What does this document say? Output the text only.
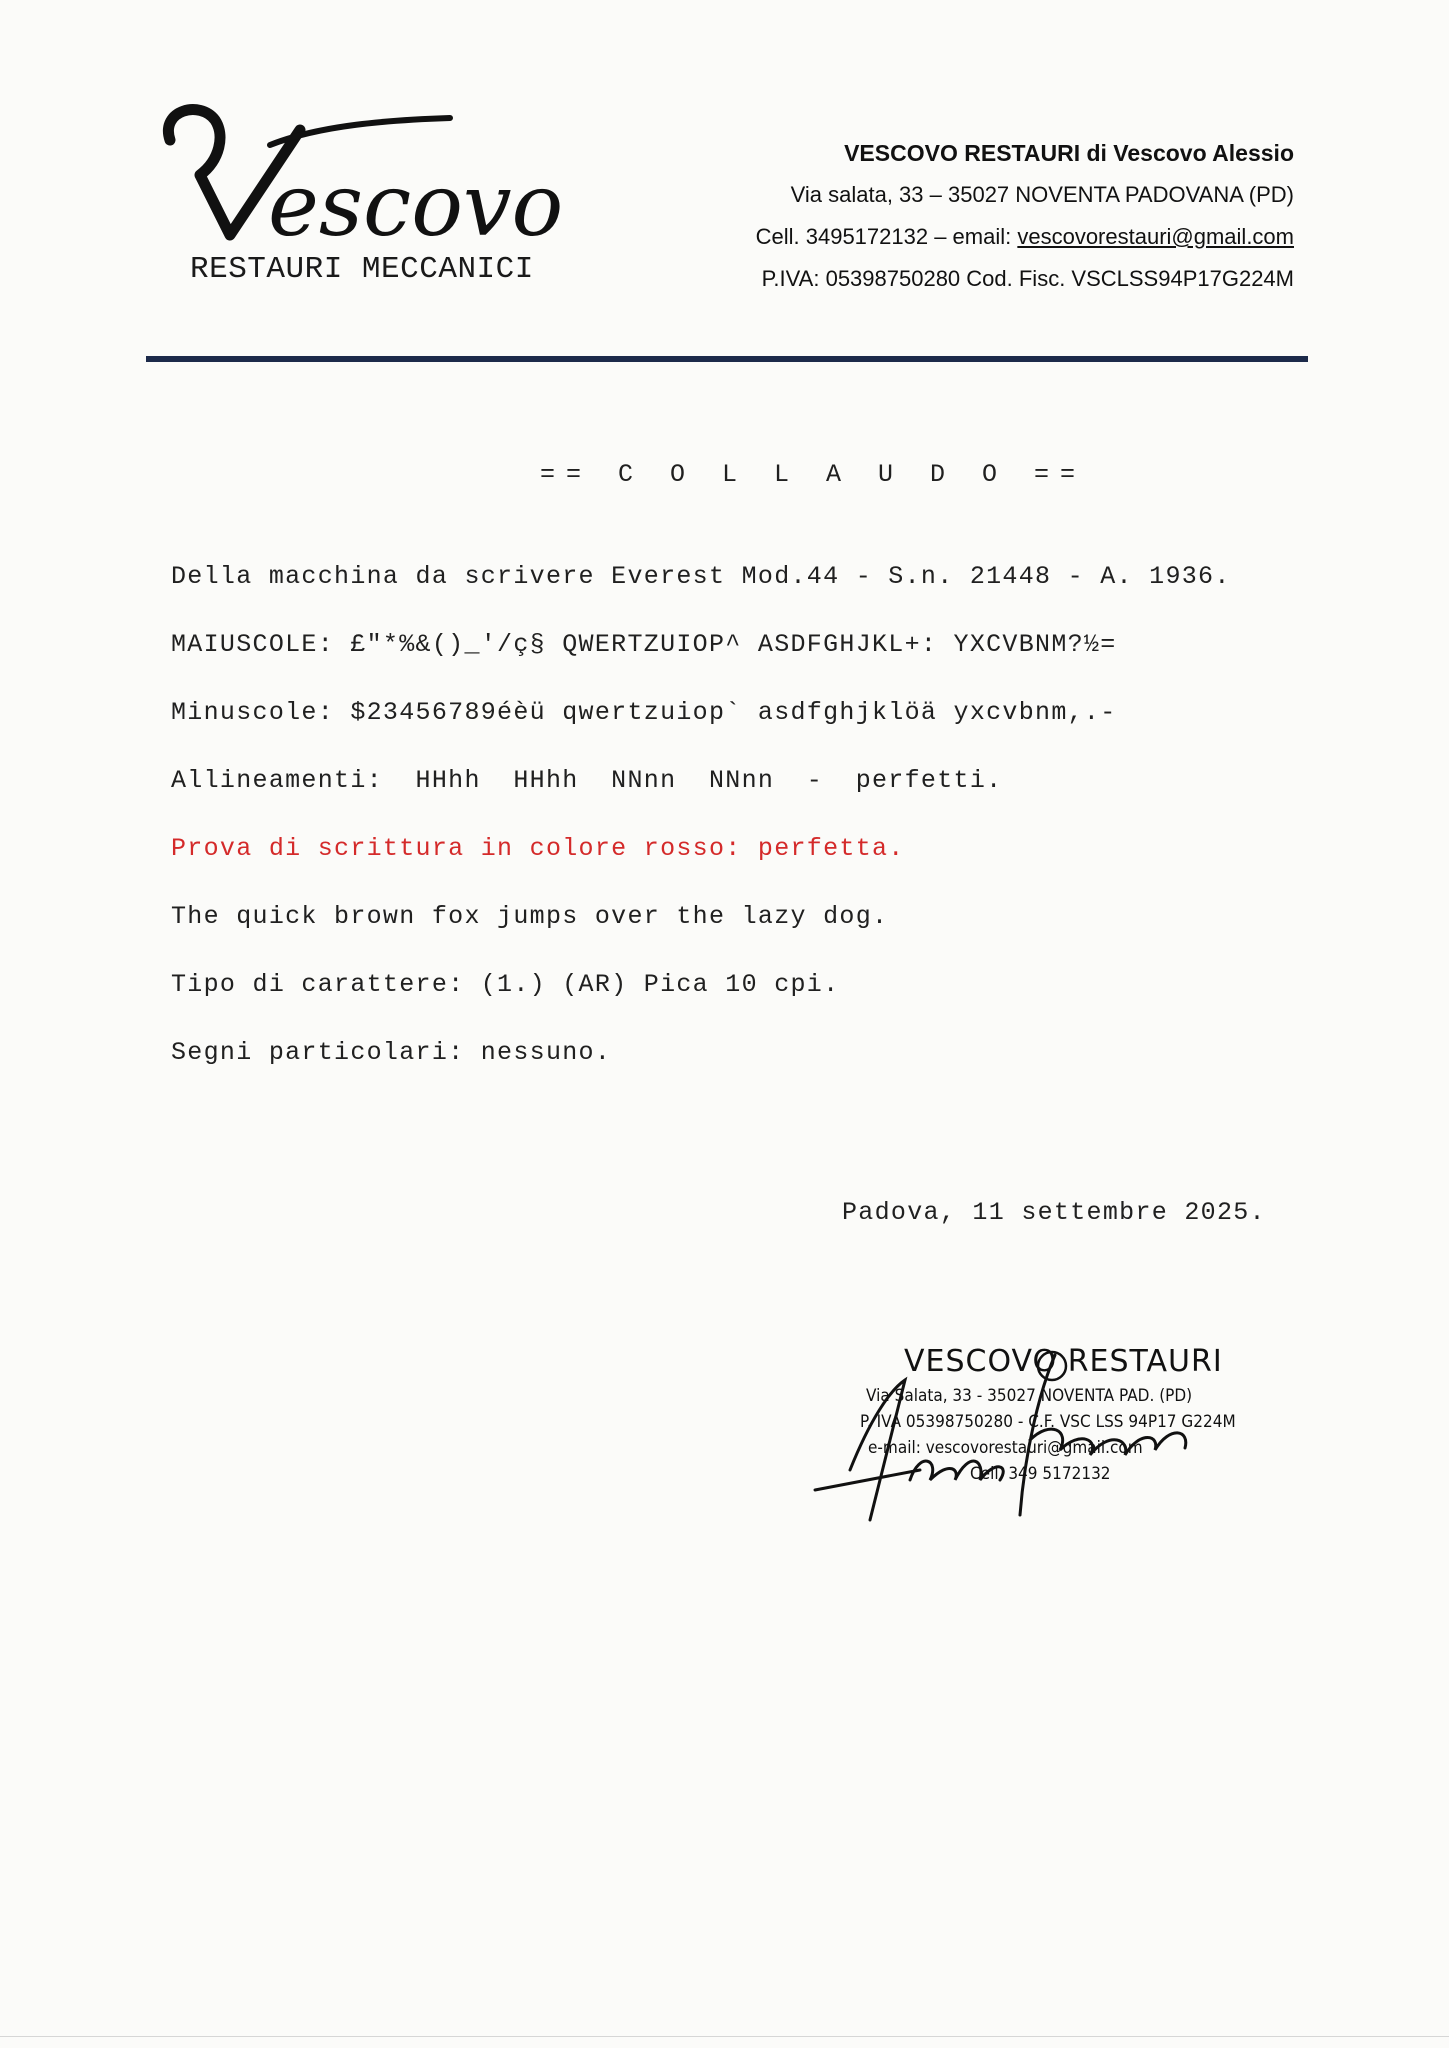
escovo
RESTAURI MECCANICI
VESCOVO RESTAURI di Vescovo Alessio
Via salata, 33 – 35027 NOVENTA PADOVANA (PD)
Cell. 3495172132 – email: vescovorestauri@gmail.com
P.IVA: 05398750280 Cod. Fisc. VSCLSS94P17G224M
== C O L L A U D O ==
Della macchina da scrivere Everest Mod.44 - S.n. 21448 - A. 1936.
MAIUSCOLE: £"*%&()_'/ç§ QWERTZUIOP^ ASDFGHJKL+: YXCVBNM?½=
Minuscole: $23456789éèü qwertzuiop` asdfghjklöä yxcvbnm,.-
Allineamenti:  HHhh  HHhh  NNnn  NNnn  -  perfetti.
Prova di scrittura in colore rosso: perfetta.
The quick brown fox jumps over the lazy dog.
Tipo di carattere: (1.) (AR) Pica 10 cpi.
Segni particolari: nessuno.
Padova, 11 settembre 2025.
VESCOVO RESTAURI
Via Salata, 33 - 35027 NOVENTA PAD. (PD)
P. IVA 05398750280 - C.F. VSC LSS 94P17 G224M
e-mail: vescovorestauri@gmail.com
Cell. 349 5172132
